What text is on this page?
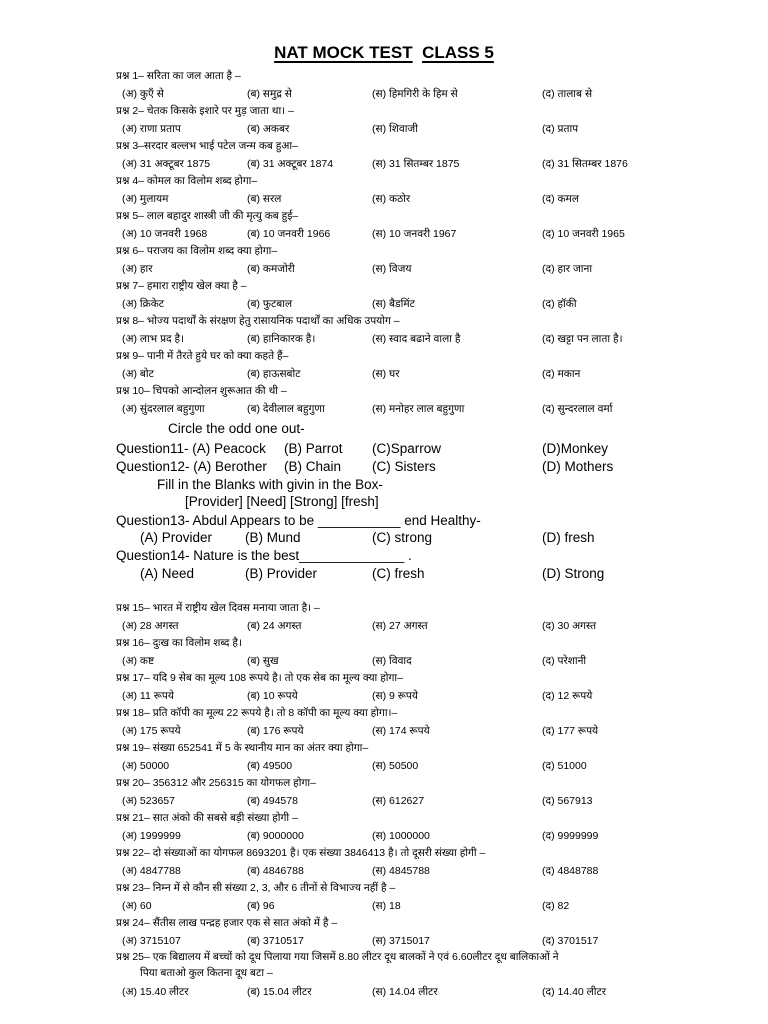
NAT MOCK TEST CLASS 5
प्रश्न 1– सरिता का जल आता है –
(अ) कुएँ से	(ब) समुद्र से	(स) हिमगिरी के हिम से	(द) तालाब से
प्रश्न 2– चेतक किसके इशारे पर मुड़ जाता था। –
(अ) राणा प्रताप	(ब) अकबर	(स) शिवाजी	(द) प्रताप
प्रश्न 3–सरदार बल्लभ भाई पटेल जन्म कब हुआ–
(अ) 31 अक्टूबर 1875	(ब) 31 अक्टूबर 1874	(स) 31 सितम्बर 1875	(द) 31 सितम्बर 1876
प्रश्न 4– कोमल का विलोम शब्द होगा–
(अ) मुलायम	(ब) सरल	(स) कठोर	(द) कमल
प्रश्न 5– लाल बहादुर शास्त्री जी की मृत्यु कब हुई–
(अ) 10 जनवरी 1968	(ब) 10 जनवरी 1966	(स) 10 जनवरी 1967	(द) 10 जनवरी 1965
प्रश्न 6– पराजय का विलोम शब्द क्या होगा–
(अ) हार	(ब) कमजोरी	(स) विजय	(द) हार जाना
प्रश्न 7– हमारा राष्ट्रीय खेल क्या है –
(अ) क्रिकेट	(ब) फुटबाल	(स) बैडमिंट	(द) हॉकी
प्रश्न 8– भोज्य पदार्थों के संरक्षण हेतु रासायनिक पदार्थों का अधिक उपयोग –
(अ) लाभ प्रद है।	(ब) हानिकारक है।	(स) स्वाद बढाने वाला है	(द) खट्टा पन लाता है।
प्रश्न 9– पानी में तैरते हुये घर को क्या कहते हैं–
(अ) बोट	(ब) हाऊसबोट	(स) घर	(द) मकान
प्रश्न 10– चिपको आन्दोलन शुरूआत की थी –
(अ) सुंदरलाल बहुगुणा	(ब) देवीलाल बहुगुणा	(स) मनोहर लाल बहुगुणा	(द) सुन्दरलाल वर्मा
Circle the odd one out-
Question11- (A) Peacock (B) Parrot (C)Sparrow	(D)Monkey
Question12- (A) Berother (B) Chain (C) Sisters	(D) Mothers
Fill in the Blanks with givin in the Box-
[Provider] [Need] [Strong] [fresh]
Question13- Abdul Appears to be ___________ end Healthy-
(A) Provider (B) Mund	(C) strong	(D) fresh
Question14- Nature is the best______________ .
(A) Need	(B) Provider	(C) fresh	(D) Strong
प्रश्न 15– भारत में राष्ट्रीय खेल दिवस मनाया जाता है। –
(अ) 28 अगस्त	(ब) 24 अगस्त	(स) 27 अगस्त	(द) 30 अगस्त
प्रश्न 16– दुःख का विलोम शब्द है।
(अ) कष्ट	(ब) सुख	(स) विवाद	(द) परेशानी
प्रश्न 17– यदि 9 सेब का मूल्य 108 रूपये है। तो एक सेब का मूल्य क्या होगा–
(अ) 11 रूपये	(ब) 10 रूपये	(स) 9 रूपये	(द) 12 रूपये
प्रश्न 18– प्रति कॉपी का मूल्य 22 रूपये है। तो 8 कॉपी का मूल्य क्या होगा।–
(अ) 175 रूपये	(ब) 176 रूपये	(स) 174 रूपये	(द) 177 रूपये
प्रश्न 19– संख्या 652541 में 5 के स्थानीय मान का अंतर क्या होगा–
(अ) 50000	(ब) 49500	(स) 50500	(द) 51000
प्रश्न 20– 356312 और 256315 का योगफल होगा–
(अ) 523657	(ब) 494578	(स) 612627	(द) 567913
प्रश्न 21– सात अंको की सबसे बड़ी संख्या होगी –
(अ) 1999999	(ब) 9000000	(स) 1000000	(द) 9999999
प्रश्न 22– दो संख्याओं का योगफल 8693201 है। एक संख्या 3846413 है। तो दूसरी संख्या होगी –
(अ) 4847788	(ब) 4846788	(स) 4845788	(द) 4848788
प्रश्न 23– निम्न में से कौन सी संख्या 2, 3, और 6 तीनों से विभाज्य नहीं है –
(अ) 60	(ब) 96	(स) 18	(द) 82
प्रश्न 24– सैंतीस लाख पन्द्रह हजार एक से सात अंको में है –
(अ) 3715107	(ब) 3710517	(स) 3715017	(द) 3701517
प्रश्न 25– एक बिद्यालय में बच्चों को दूध पिलाया गया जिसमें 8.80 लीटर दूध बालकों ने एवं 6.60लीटर दूध बालिकाओं ने
पिया बताओ कुल कितना दूध बटा –
(अ) 15.40 लीटर	(ब) 15.04 लीटर	(स) 14.04 लीटर	(द) 14.40 लीटर
